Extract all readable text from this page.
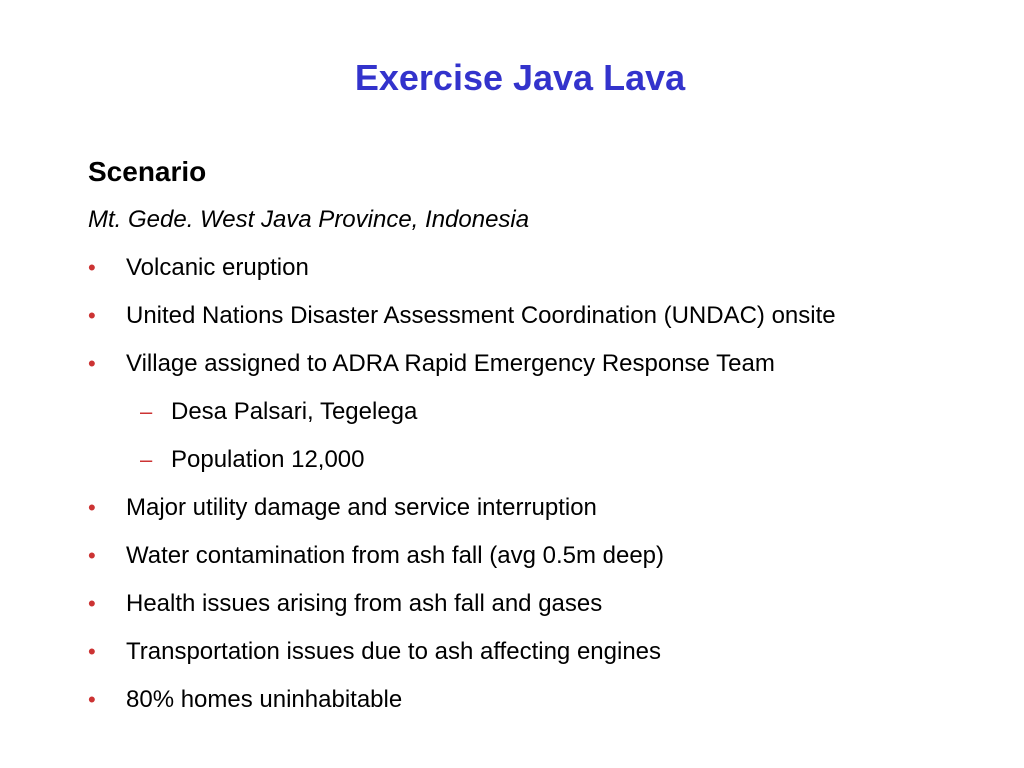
Exercise Java Lava
Scenario
Mt. Gede. West Java Province, Indonesia
• Volcanic eruption
• United Nations Disaster Assessment Coordination (UNDAC) onsite
• Village assigned to ADRA Rapid Emergency Response Team
– Desa Palsari, Tegelega
– Population 12,000
• Major utility damage and service interruption
• Water contamination from ash fall (avg 0.5m deep)
• Health issues arising from ash fall and gases
• Transportation issues due to ash affecting engines
• 80% homes uninhabitable
